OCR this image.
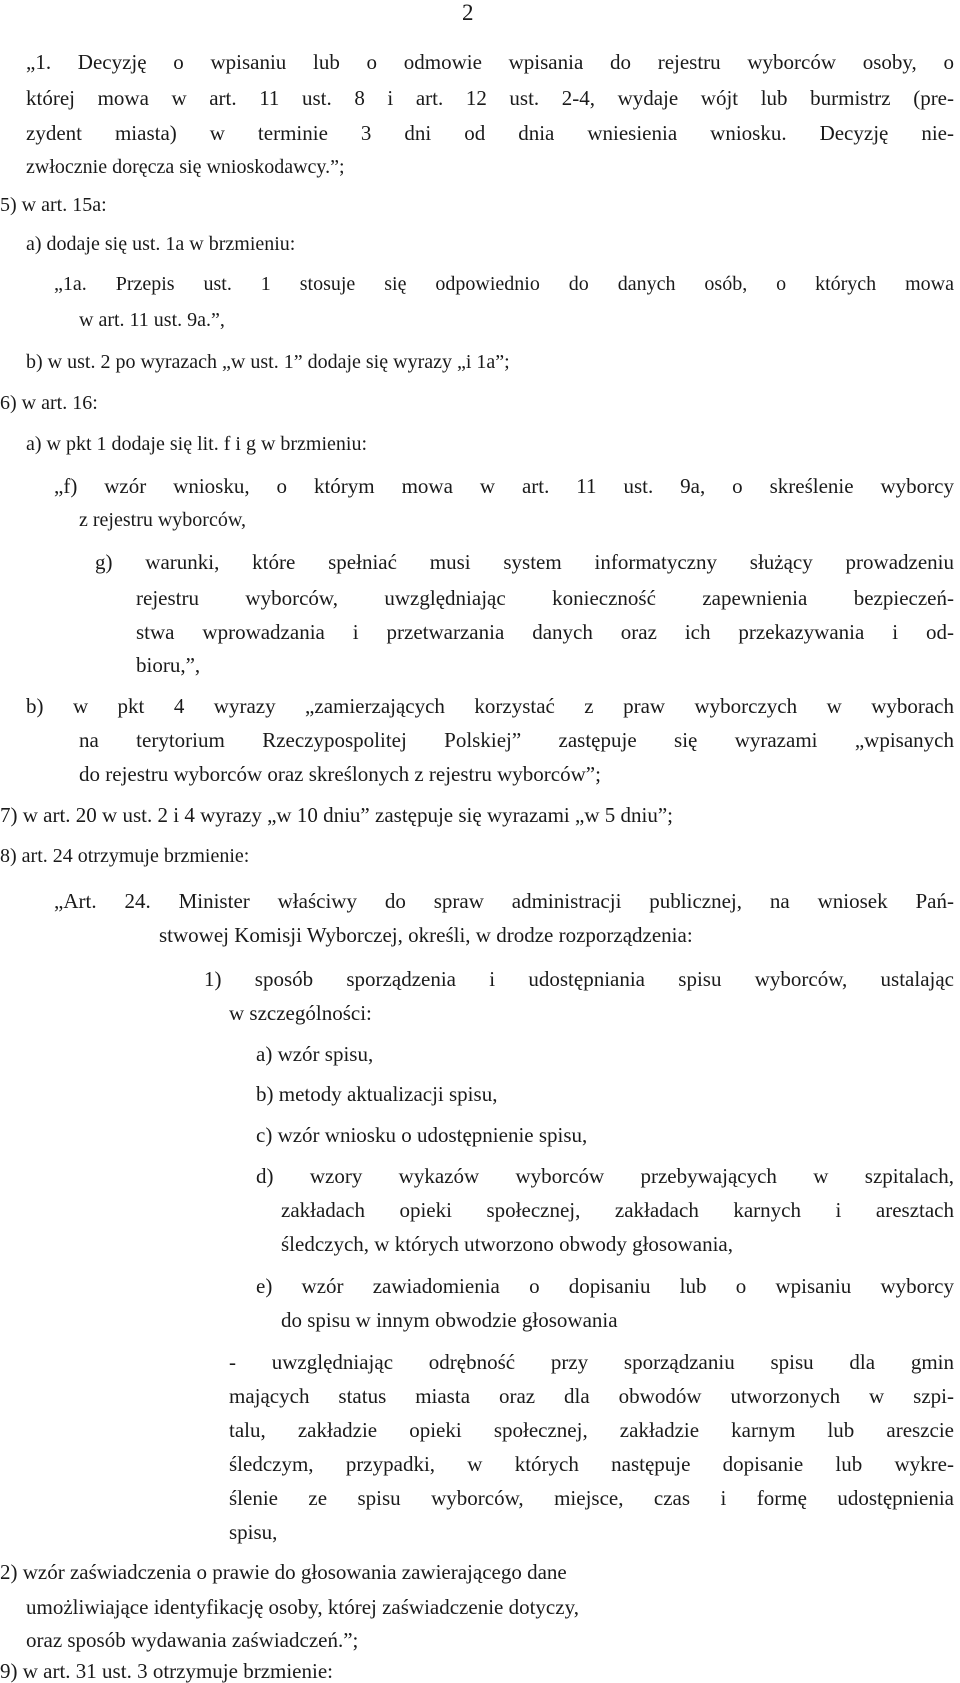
2
„1. Decyzję o wpisaniu lub o odmowie wpisania do rejestru wyborców osoby, o
której mowa w art. 11 ust. 8 i art. 12 ust. 2-4, wydaje wójt lub burmistrz (pre-
zydent miasta) w terminie 3 dni od dnia wniesienia wniosku. Decyzję nie-
zwłocznie doręcza się wnioskodawcy.”;
5) w art. 15a:
a) dodaje się ust. 1a w brzmieniu:
„1a. Przepis ust. 1 stosuje się odpowiednio do danych osób, o których mowa
w art. 11 ust. 9a.”,
b) w ust. 2 po wyrazach „w ust. 1” dodaje się wyrazy „i 1a”;
6) w art. 16:
a) w pkt 1 dodaje się lit. f i g w brzmieniu:
„f) wzór wniosku, o którym mowa w art. 11 ust. 9a, o skreślenie wyborcy
z rejestru wyborców,
g) warunki, które spełniać musi system informatyczny służący prowadzeniu
rejestru wyborców, uwzględniając konieczność zapewnienia bezpieczeń-
stwa wprowadzania i przetwarzania danych oraz ich przekazywania i od-
bioru,”,
b) w pkt 4 wyrazy „zamierzających korzystać z praw wyborczych w wyborach
na terytorium Rzeczypospolitej Polskiej” zastępuje się wyrazami „wpisanych
do rejestru wyborców oraz skreślonych z rejestru wyborców”;
7) w art. 20 w ust. 2 i 4 wyrazy „w 10 dniu” zastępuje się wyrazami „w 5 dniu”;
8) art. 24 otrzymuje brzmienie:
„Art. 24. Minister właściwy do spraw administracji publicznej, na wniosek Pań-
stwowej Komisji Wyborczej, określi, w drodze rozporządzenia:
1) sposób sporządzenia i udostępniania spisu wyborców, ustalając
w szczególności:
a) wzór spisu,
b) metody aktualizacji spisu,
c) wzór wniosku o udostępnienie spisu,
d) wzory wykazów wyborców przebywających w szpitalach,
zakładach opieki społecznej, zakładach karnych i aresztach
śledczych, w których utworzono obwody głosowania,
e) wzór zawiadomienia o dopisaniu lub o wpisaniu wyborcy
do spisu w innym obwodzie głosowania
- uwzględniając odrębność przy sporządzaniu spisu dla gmin
mających status miasta oraz dla obwodów utworzonych w szpi-
talu, zakładzie opieki społecznej, zakładzie karnym lub areszcie
śledczym, przypadki, w których następuje dopisanie lub wykre-
ślenie ze spisu wyborców, miejsce, czas i formę udostępnienia
spisu,
2) wzór zaświadczenia o prawie do głosowania zawierającego dane
umożliwiające identyfikację osoby, której zaświadczenie dotyczy,
oraz sposób wydawania zaświadczeń.”;
9) w art. 31 ust. 3 otrzymuje brzmienie:
